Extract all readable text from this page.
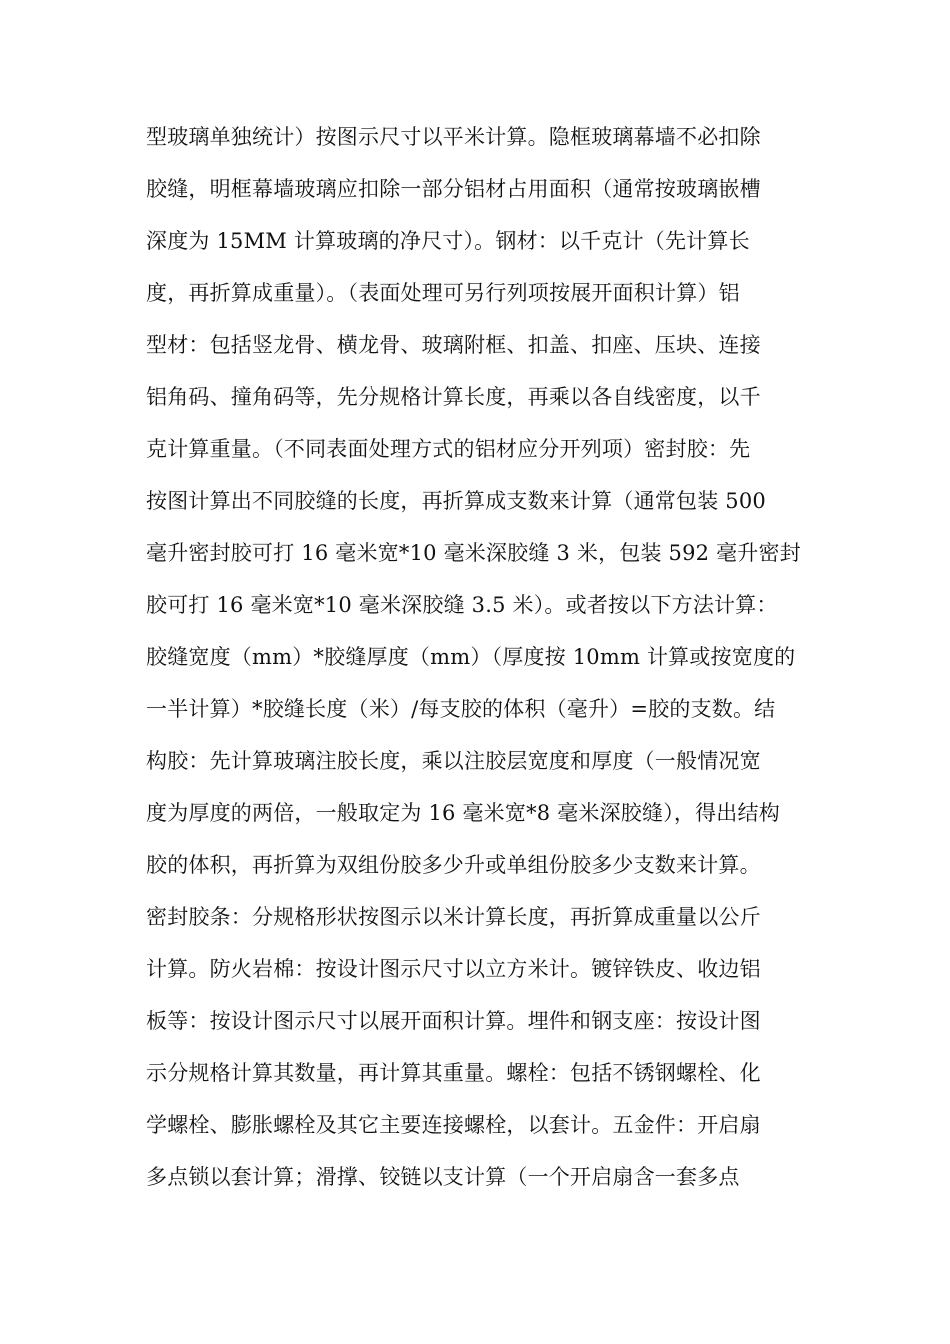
型玻璃单独统计）按图示尺寸以平米计算。隐框玻璃幕墙不必扣除
胶缝，明框幕墙玻璃应扣除一部分铝材占用面积（通常按玻璃嵌槽
深度为 15MM 计算玻璃的净尺寸）。钢材：以千克计（先计算长
度，再折算成重量）。（表面处理可另行列项按展开面积计算）铝
型材：包括竖龙骨、横龙骨、玻璃附框、扣盖、扣座、压块、连接
铝角码、撞角码等，先分规格计算长度，再乘以各自线密度，以千
克计算重量。（不同表面处理方式的铝材应分开列项）密封胶：先
按图计算出不同胶缝的长度，再折算成支数来计算（通常包装 500
毫升密封胶可打 16 毫米宽*10 毫米深胶缝 3 米，包装 592 毫升密封
胶可打 16 毫米宽*10 毫米深胶缝 3.5 米）。或者按以下方法计算：
胶缝宽度（mm）*胶缝厚度（mm）（厚度按 10mm 计算或按宽度的
一半计算）*胶缝长度（米）/每支胶的体积（毫升）=胶的支数。结
构胶：先计算玻璃注胶长度，乘以注胶层宽度和厚度（一般情况宽
度为厚度的两倍，一般取定为 16 毫米宽*8 毫米深胶缝），得出结构
胶的体积，再折算为双组份胶多少升或单组份胶多少支数来计算。
密封胶条：分规格形状按图示以米计算长度，再折算成重量以公斤
计算。防火岩棉：按设计图示尺寸以立方米计。镀锌铁皮、收边铝
板等：按设计图示尺寸以展开面积计算。埋件和钢支座：按设计图
示分规格计算其数量，再计算其重量。螺栓：包括不锈钢螺栓、化
学螺栓、膨胀螺栓及其它主要连接螺栓，以套计。五金件：开启扇
多点锁以套计算；滑撑、铰链以支计算（一个开启扇含一套多点
